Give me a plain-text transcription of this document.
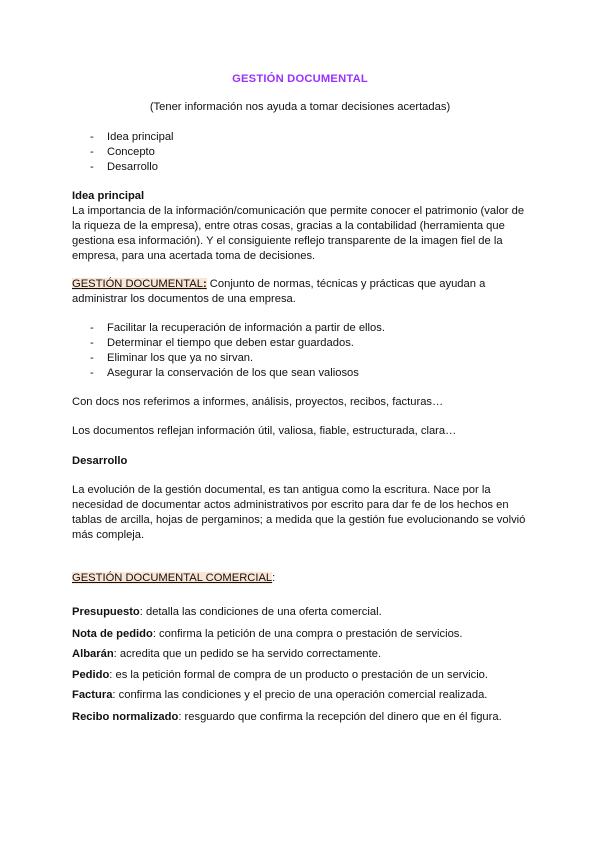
GESTIÓN DOCUMENTAL
(Tener información nos ayuda a tomar decisiones acertadas)
- Idea principal
- Concepto
- Desarrollo
Idea principal
La importancia de la información/comunicación que permite conocer el patrimonio (valor de
la riqueza de la empresa), entre otras cosas, gracias a la contabilidad (herramienta que
gestiona esa información). Y el consiguiente reflejo transparente de la imagen fiel de la
empresa, para una acertada toma de decisiones.
GESTIÓN DOCUMENTAL: Conjunto de normas, técnicas y prácticas que ayudan a
administrar los documentos de una empresa.
- Facilitar la recuperación de información a partir de ellos.
- Determinar el tiempo que deben estar guardados.
- Eliminar los que ya no sirvan.
- Asegurar la conservación de los que sean valiosos
Con docs nos referimos a informes, análisis, proyectos, recibos, facturas…
Los documentos reflejan información útil, valiosa, fiable, estructurada, clara…
Desarrollo
La evolución de la gestión documental, es tan antigua como la escritura. Nace por la
necesidad de documentar actos administrativos por escrito para dar fe de los hechos en
tablas de arcilla, hojas de pergaminos; a medida que la gestión fue evolucionando se volvió
más compleja.
GESTIÓN DOCUMENTAL COMERCIAL:

Presupuesto: detalla las condiciones de una oferta comercial.

Nota de pedido: confirma la petición de una compra o prestación de servicios.

Albarán: acredita que un pedido se ha servido correctamente.

Pedido: es la petición formal de compra de un producto o prestación de un servicio.

Factura: confirma las condiciones y el precio de una operación comercial realizada.

Recibo normalizado: resguardo que confirma la recepción del dinero que en él figura.
